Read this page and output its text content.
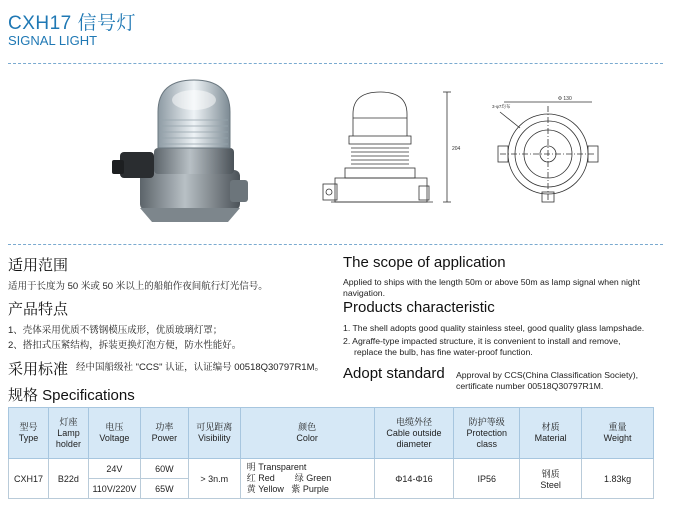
CXH17 信号灯
SIGNAL LIGHT
204
Φ 130
3-φ7均布
适用范围
适用于长度为 50 米或 50 米以上的船舶作夜间航行灯光信号。
产品特点
1、壳体采用优质不锈钢模压成形，优质玻璃灯罩；
2、搭扣式压紧结构，拆装更换灯泡方便，防水性能好。
采用标准 经中国船级社 "CCS" 认证，认证编号 00518Q30797R1M。
The scope of application
Applied to ships with the length 50m or above 50m as lamp signal when night navigation.
Products characteristic
1. The shell adopts good quality stainless steel, good quality glass lampshade.
2. Agraffe-type impacted structure, it is convenient to install and remove,
replace the bulb, has fine water-proof function.
Adopt standard Approval by CCS(China Classification Society),
certificate number 00518Q30797R1M.
规格 Specifications
型号
Type	灯座
Lamp
holder	电压
Voltage	功率
Power	可见距离
Visibility	颜色
Color	电缆外径
Cable outside
diameter	防护等级
Protection
class	材质
Material	重量
Weight
CXH17	B22d	24V	60W	> 3n.m	明 Transparent
红 Red        绿 Green
黄 Yellow   紫 Purple	Φ14-Φ16	IP56	钢质
Steel	1.83kg
		110V/220V	65W						
